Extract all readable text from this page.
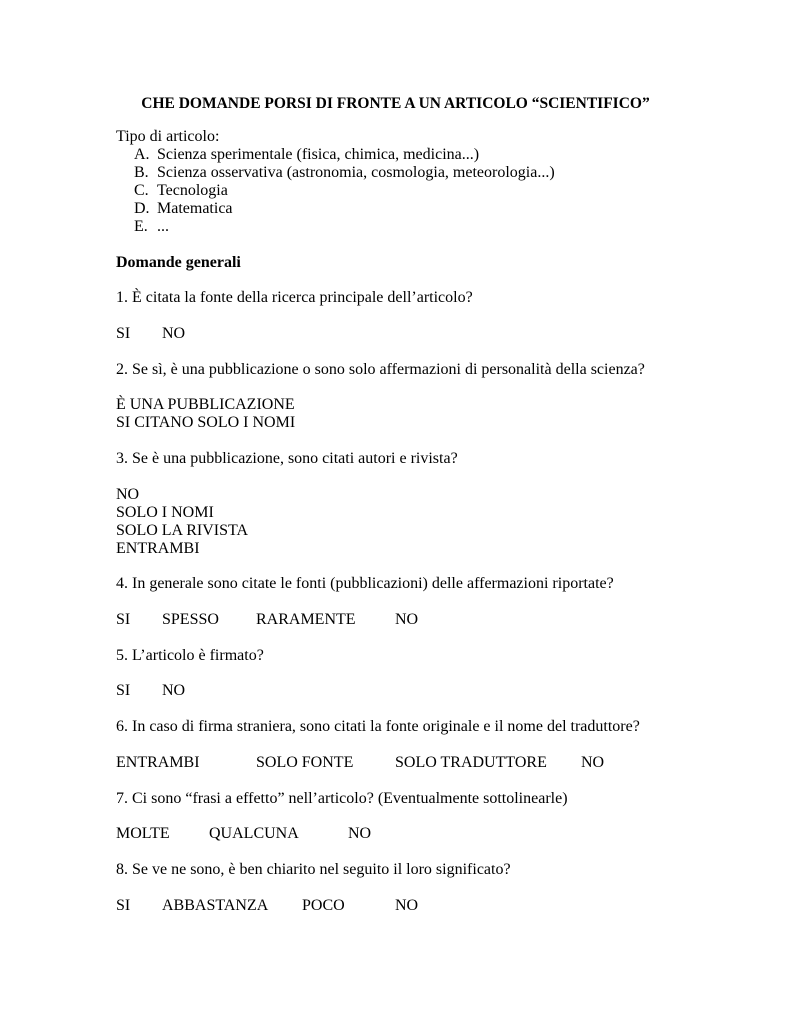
CHE DOMANDE PORSI DI FRONTE A UN ARTICOLO “SCIENTIFICO”
Tipo di articolo:
A. Scienza sperimentale (fisica, chimica, medicina...)
B. Scienza osservativa (astronomia, cosmologia, meteorologia...)
C. Tecnologia
D. Matematica
E. ...
Domande generali
1. È citata la fonte della ricerca principale dell’articolo?
SI NO
2. Se sì, è una pubblicazione o sono solo affermazioni di personalità della scienza?
È UNA PUBBLICAZIONE
SI CITANO SOLO I NOMI
3. Se è una pubblicazione, sono citati autori e rivista?
NO
SOLO I NOMI
SOLO LA RIVISTA
ENTRAMBI
4. In generale sono citate le fonti (pubblicazioni) delle affermazioni riportate?
SI SPESSO RARAMENTE NO
5. L’articolo è firmato?
SI NO
6. In caso di firma straniera, sono citati la fonte originale e il nome del traduttore?
ENTRAMBI	SOLO FONTE	SOLO TRADUTTORE NO
7. Ci sono “frasi a effetto” nell’articolo? (Eventualmente sottolinearle)
MOLTE QUALCUNA	NO
8. Se ve ne sono, è ben chiarito nel seguito il loro significato?
SI ABBASTANZA POCO	NO
